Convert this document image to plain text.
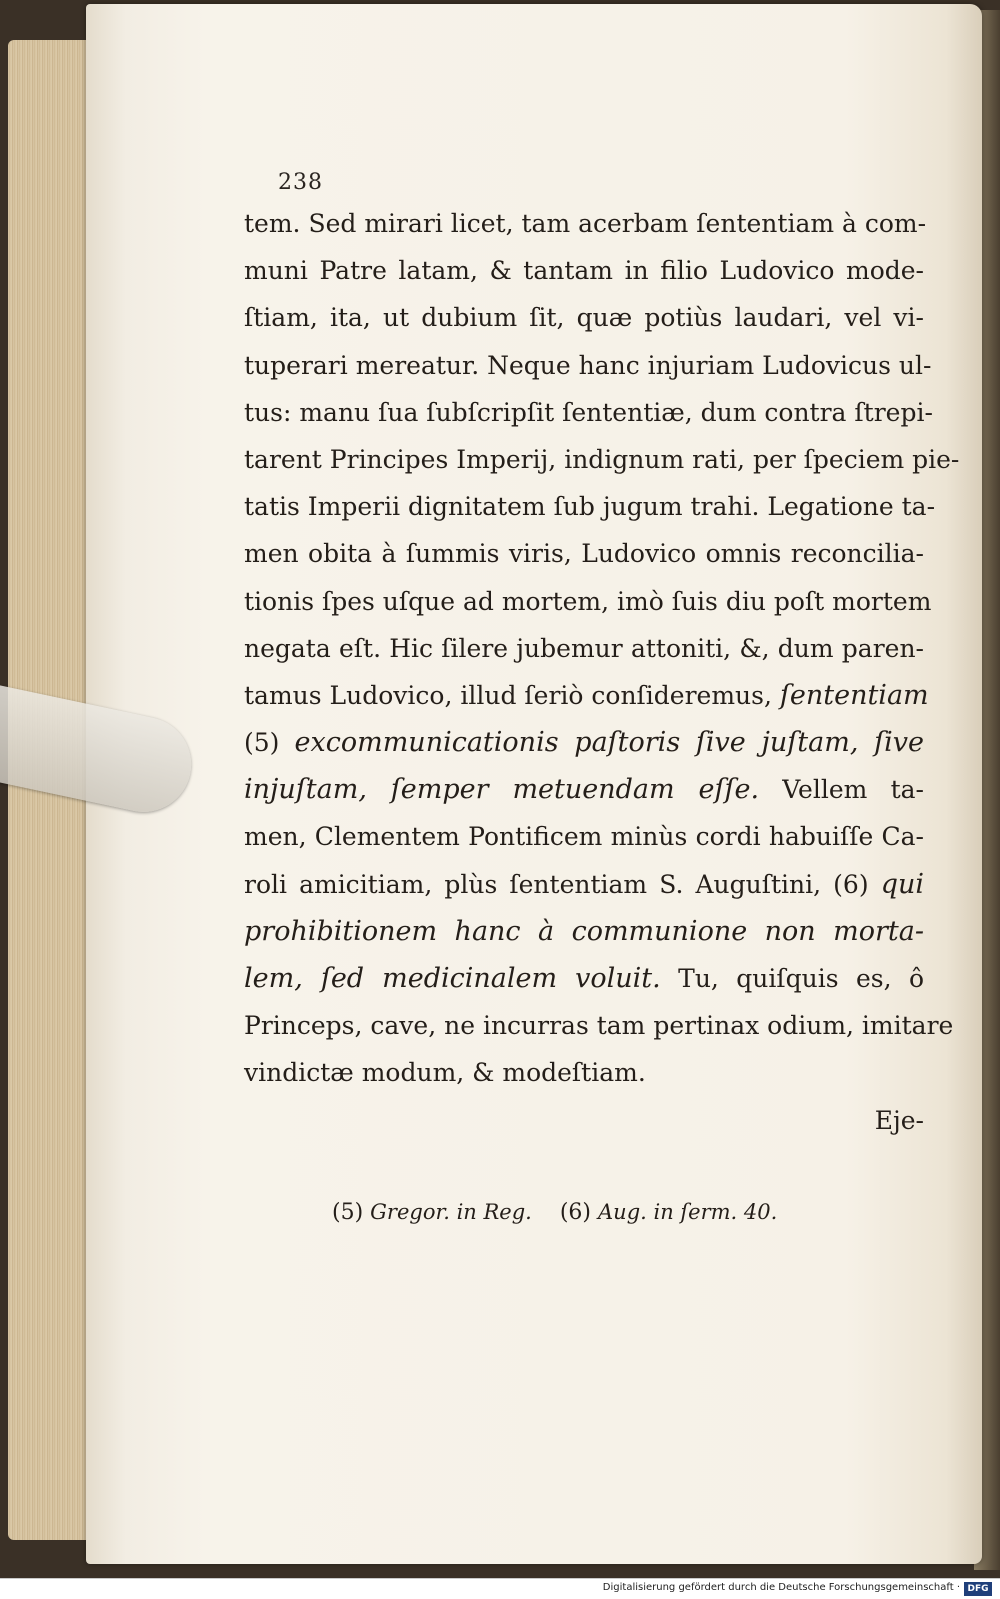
238
tem. Sed mirari licet, tam acerbam ſententiam à com-
muni Patre latam, & tantam in filio Ludovico mode-
ſtiam, ita, ut dubium ſit, quæ potiùs laudari, vel vi-
tuperari mereatur. Neque hanc injuriam Ludovicus ul-
tus: manu ſua ſubſcripſit ſententiæ, dum contra ſtrepi-
tarent Principes Imperij, indignum rati, per ſpeciem pie-
tatis Imperii dignitatem ſub jugum trahi. Legatione ta-
men obita à ſummis viris, Ludovico omnis reconcilia-
tionis ſpes uſque ad mortem, imò ſuis diu poſt mortem
negata eſt. Hic ſilere jubemur attoniti, &, dum paren-
tamus Ludovico, illud ſeriò conſideremus, ſententiam
(5) excommunicationis paſtoris ſive juſtam, ſive
injuſtam, ſemper metuendam eſſe. Vellem ta-
men, Clementem Pontificem minùs cordi habuiſſe Ca-
roli amicitiam, plùs ſententiam S. Auguſtini, (6) qui
prohibitionem hanc à communione non morta-
lem, ſed medicinalem voluit. Tu, quiſquis es, ô
Princeps, cave, ne incurras tam pertinax odium, imitare
vindictæ modum, & modeſtiam.
Eje-
(5) Gregor. in Reg. (6) Aug. in ſerm. 40.
Digitalisierung gefördert durch die Deutsche Forschungsgemeinschaft · DFG
